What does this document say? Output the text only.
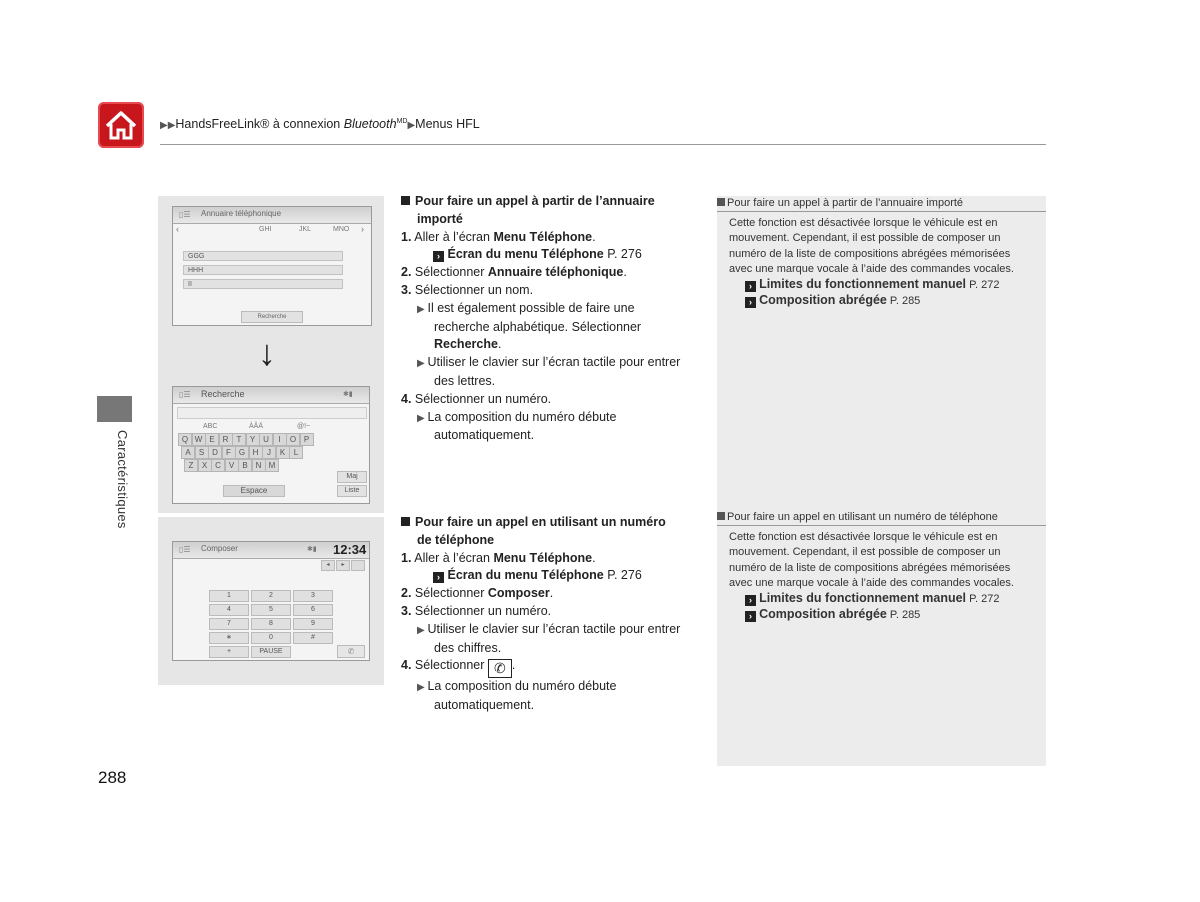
▶▶HandsFreeLink® à connexion Bluetooth$^{MD}$▶Menus HFL
Caractéristiques
Annuaire téléphonique
▯☰
‹	GHI	JKL	MNO ›
GGG
HHH
II
Recherche
↓
Recherche
▯☰	✱▮
ABC	ÀÂÄ	@!~
Q W E R	T	Y U	I	O P
A	S D	F G H	J	K	L
Z	X C V	B N M
Maj
Espace	Liste
Composer
▯☰	✱▮ 12:34
◂	▸
1	2	3
4	5	6
7	8	9
∗	0	#
+	PAUSE	✆
Pour faire un appel à partir de l’annuaire
importé
1. Aller à l’écran Menu Téléphone.
› Écran du menu Téléphone P. 276
2. Sélectionner Annuaire téléphonique.
3. Sélectionner un nom.
▶ Il est également possible de faire une
recherche alphabétique. Sélectionner
Recherche.
▶ Utiliser le clavier sur l’écran tactile pour entrer
des lettres.
4. Sélectionner un numéro.
▶ La composition du numéro débute
automatiquement.
Pour faire un appel en utilisant un numéro
de téléphone
1. Aller à l’écran Menu Téléphone.
› Écran du menu Téléphone P. 276
2. Sélectionner Composer.
3. Sélectionner un numéro.
▶ Utiliser le clavier sur l’écran tactile pour entrer
des chiffres.
4. Sélectionner ✆ .
▶ La composition du numéro débute
automatiquement.
Pour faire un appel à partir de l’annuaire importé
Cette fonction est désactivée lorsque le véhicule est en
mouvement. Cependant, il est possible de composer un
numéro de la liste de compositions abrégées mémorisées
avec une marque vocale à l’aide des commandes vocales.
› Limites du fonctionnement manuel P. 272
› Composition abrégée P. 285
Pour faire un appel en utilisant un numéro de téléphone
Cette fonction est désactivée lorsque le véhicule est en
mouvement. Cependant, il est possible de composer un
numéro de la liste de compositions abrégées mémorisées
avec une marque vocale à l’aide des commandes vocales.
› Limites du fonctionnement manuel P. 272
› Composition abrégée P. 285
288
